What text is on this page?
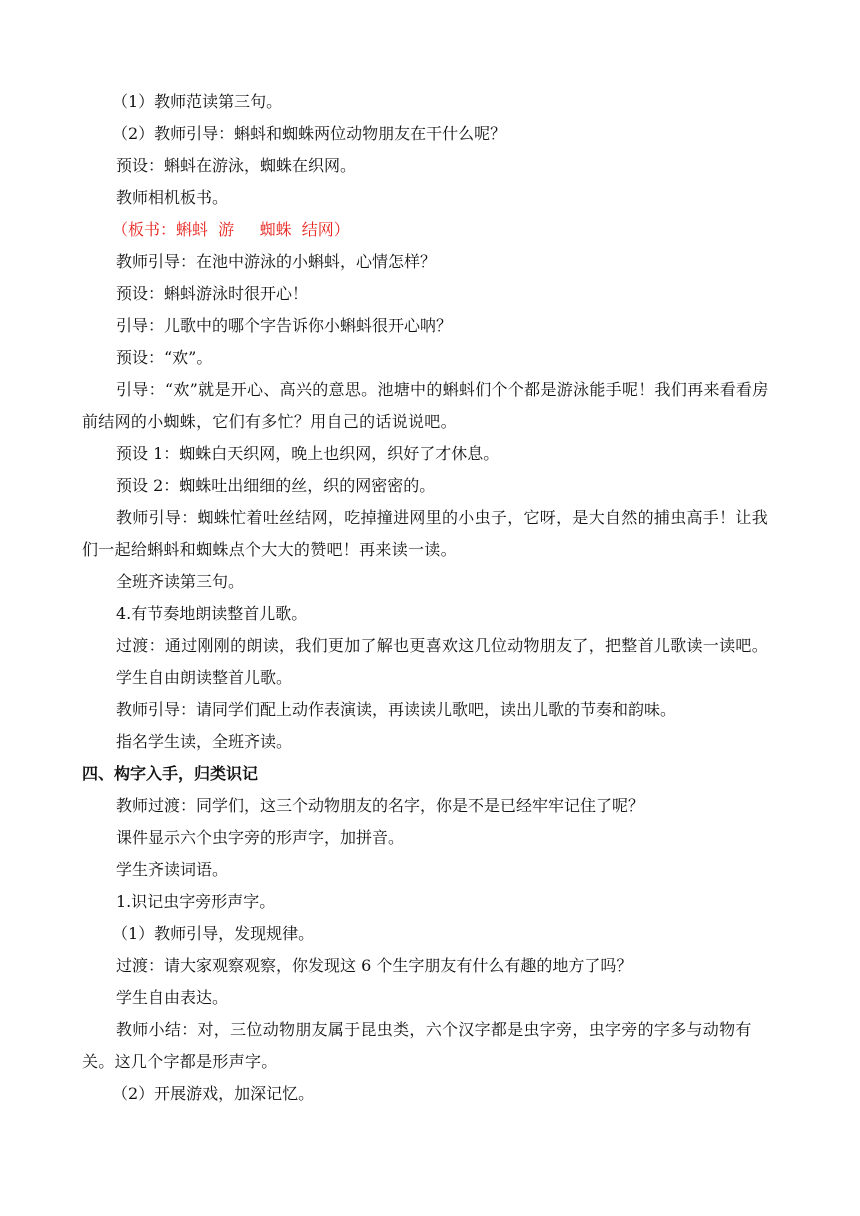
（1）教师范读第三句。
（2）教师引导：蝌蚪和蜘蛛两位动物朋友在干什么呢？
预设：蝌蚪在游泳，蜘蛛在织网。
教师相机板书。
（板书：蝌蚪  游     蜘蛛  结网）
教师引导：在池中游泳的小蝌蚪，心情怎样？
预设：蝌蚪游泳时很开心！
引导：儿歌中的哪个字告诉你小蝌蚪很开心呐？
预设：“欢”。
引导：“欢”就是开心、高兴的意思。池塘中的蝌蚪们个个都是游泳能手呢！我们再来看看房前结网的小蜘蛛，它们有多忙？用自己的话说说吧。
预设 1：蜘蛛白天织网，晚上也织网，织好了才休息。
预设 2：蜘蛛吐出细细的丝，织的网密密的。
教师引导：蜘蛛忙着吐丝结网，吃掉撞进网里的小虫子，它呀，是大自然的捕虫高手！让我们一起给蝌蚪和蜘蛛点个大大的赞吧！再来读一读。
全班齐读第三句。
4.有节奏地朗读整首儿歌。
过渡：通过刚刚的朗读，我们更加了解也更喜欢这几位动物朋友了，把整首儿歌读一读吧。
学生自由朗读整首儿歌。
教师引导：请同学们配上动作表演读，再读读儿歌吧，读出儿歌的节奏和韵味。
指名学生读，全班齐读。
四、构字入手，归类识记
教师过渡：同学们，这三个动物朋友的名字，你是不是已经牢牢记住了呢？
课件显示六个虫字旁的形声字，加拼音。
学生齐读词语。
1.识记虫字旁形声字。
（1）教师引导，发现规律。
过渡：请大家观察观察，你发现这 6 个生字朋友有什么有趣的地方了吗？
学生自由表达。
教师小结：对，三位动物朋友属于昆虫类，六个汉字都是虫字旁，虫字旁的字多与动物有关。这几个字都是形声字。
（2）开展游戏，加深记忆。
